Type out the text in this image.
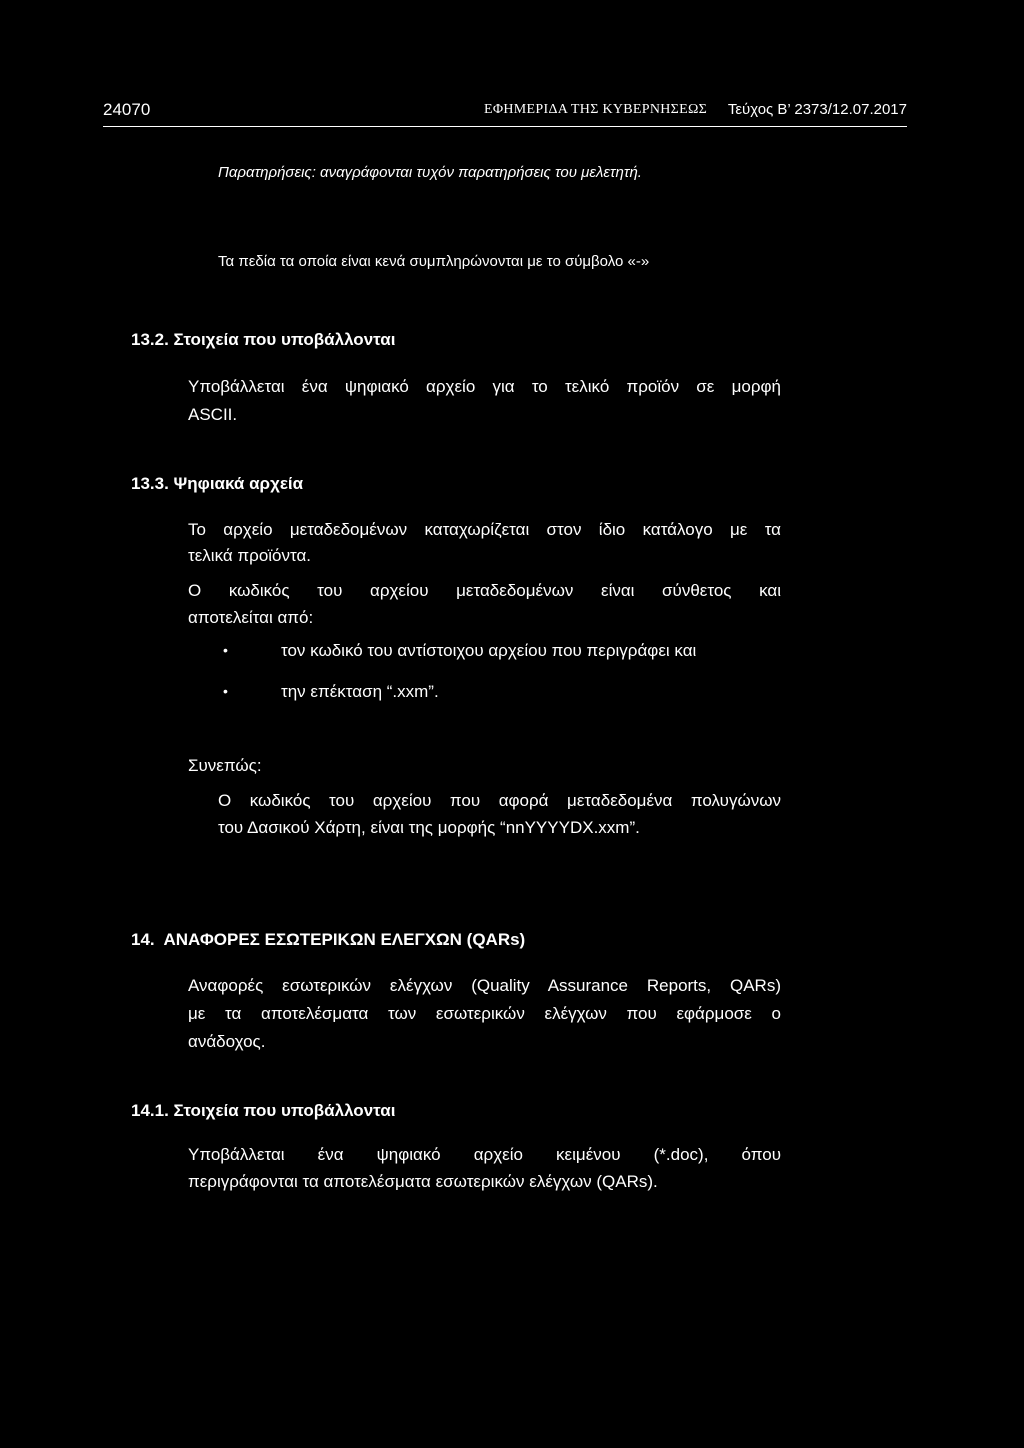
24070	ΕΦΗΜΕΡΙΔΑ ΤΗΣ ΚΥΒΕΡΝΗΣΕΩΣ Τεύχος Β’ 2373/12.07.2017
Παρατηρήσεις: αναγράφονται τυχόν παρατηρήσεις του μελετητή.
Τα πεδία τα οποία είναι κενά συμπληρώνονται με το σύμβολο «-»
13.2. Στοιχεία που υποβάλλονται
Υποβάλλεται ένα ψηφιακό αρχείο για το τελικό προϊόν σε μορφή
ASCII.
13.3. Ψηφιακά αρχεία
Το αρχείο μεταδεδομένων καταχωρίζεται στον ίδιο κατάλογο με τα
τελικά προϊόντα.
Ο κωδικός του αρχείου μεταδεδομένων είναι σύνθετος και
αποτελείται από:
•	τον κωδικό του αντίστοιχου αρχείου που περιγράφει και
•	την επέκταση “.xxm”.
Συνεπώς:
Ο κωδικός του αρχείου που αφορά μεταδεδομένα πολυγώνων
του Δασικού Χάρτη, είναι της μορφής “nnYYYYDX.xxm”.
14.  ΑΝΑΦΟΡΕΣ ΕΣΩΤΕΡΙΚΩΝ ΕΛΕΓΧΩΝ (QARs)
Αναφορές εσωτερικών ελέγχων (Quality Assurance Reports, QARs)
με τα αποτελέσματα των εσωτερικών ελέγχων που εφάρμοσε ο
ανάδοχος.
14.1. Στοιχεία που υποβάλλονται
Υποβάλλεται ένα ψηφιακό αρχείο κειμένου (*.doc), όπου
περιγράφονται τα αποτελέσματα εσωτερικών ελέγχων (QARs).
